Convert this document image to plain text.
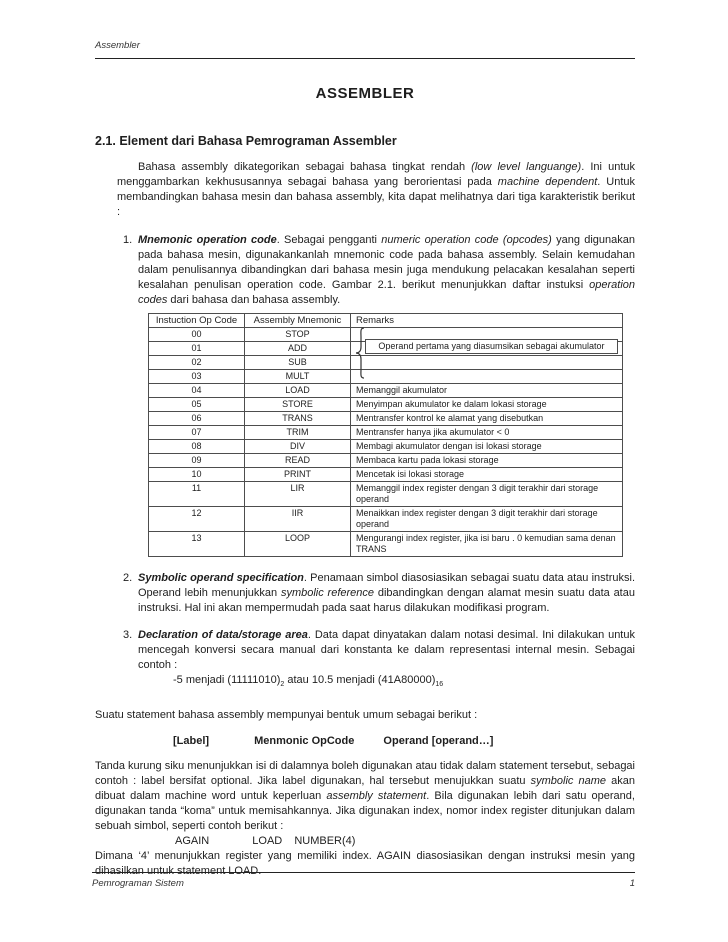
Assembler
ASSEMBLER
2.1. Element dari Bahasa Pemrograman Assembler
Bahasa assembly dikategorikan sebagai bahasa tingkat rendah (low level languange). Ini untuk menggambarkan kekhususannya sebagai bahasa yang berorientasi pada machine dependent. Untuk membandingkan bahasa mesin dan bahasa assembly, kita dapat melihatnya dari tiga karakteristik berikut :
1. Mnemonic operation code. Sebagai pengganti numeric operation code (opcodes) yang digunakan pada bahasa mesin, digunakankanlah mnemonic code pada bahasa assembly. Selain kemudahan dalam penulisannya dibandingkan dari bahasa mesin juga mendukung pelacakan kesalahan seperti kesalahan penulisan operation code. Gambar 2.1. berikut menunjukkan daftar instuksi operation codes dari bahasa dan bahasa assembly.
Instuction Op Code	Assembly Mnemonic	Remarks
00	STOP	
01	ADD	
02	SUB	
03	MULT	
04	LOAD	Memanggil akumulator
05	STORE	Menyimpan akumulator ke dalam lokasi storage
06	TRANS	Mentransfer kontrol ke alamat yang disebutkan
07	TRIM	Mentransfer hanya jika akumulator < 0
08	DIV	Membagi akumulator dengan isi lokasi storage
09	READ	Membaca kartu pada lokasi storage
10	PRINT	Mencetak isi lokasi storage
11	LIR	Memanggil index register dengan 3 digit terakhir dari storage operand
12	IIR	Menaikkan index register dengan 3 digit terakhir dari storage operand
13	LOOP	Mengurangi index register, jika isi baru . 0 kemudian sama denan TRANS
Operand pertama yang diasumsikan sebagai akumulator
2. Symbolic operand specification. Penamaan simbol diasosiasikan sebagai suatu data atau instruksi. Operand lebih menunjukkan symbolic reference dibandingkan dengan alamat mesin suatu data atau instruksi. Hal ini akan mempermudah pada saat harus dilakukan modifikasi program.
3. Declaration of data/storage area. Data dapat dinyatakan dalam notasi desimal. Ini dilakukan untuk mencegah konversi secara manual dari konstanta ke dalam representasi internal mesin. Sebagai contoh :
-5 menjadi $(11111010)_2$ atau 10.5 menjadi $(41A80000)_{16}$
Suatu statement bahasa assembly mempunyai bentuk umum sebagai berikut :
[Label]	Menmonic OpCode	Operand [operand…]
Tanda kurung siku menunjukkan isi di dalamnya boleh digunakan atau tidak dalam statement tersebut, sebagai contoh : label bersifat optional. Jika label digunakan, hal tersebut menujukkan suatu symbolic name akan dibuat dalam machine word untuk keperluan assembly statement. Bila digunakan lebih dari satu operand, digunakan tanda “koma” untuk memisahkannya. Jika digunakan index, nomor index register ditunjukan dalam sebuah simbol, seperti contoh berikut :
AGAIN	LOAD NUMBER(4)
Dimana ‘4’ menunjukkan register yang memiliki index. AGAIN diasosiasikan dengan instruksi mesin yang dihasilkan untuk statement LOAD.
Pemrograman Sistem	1
